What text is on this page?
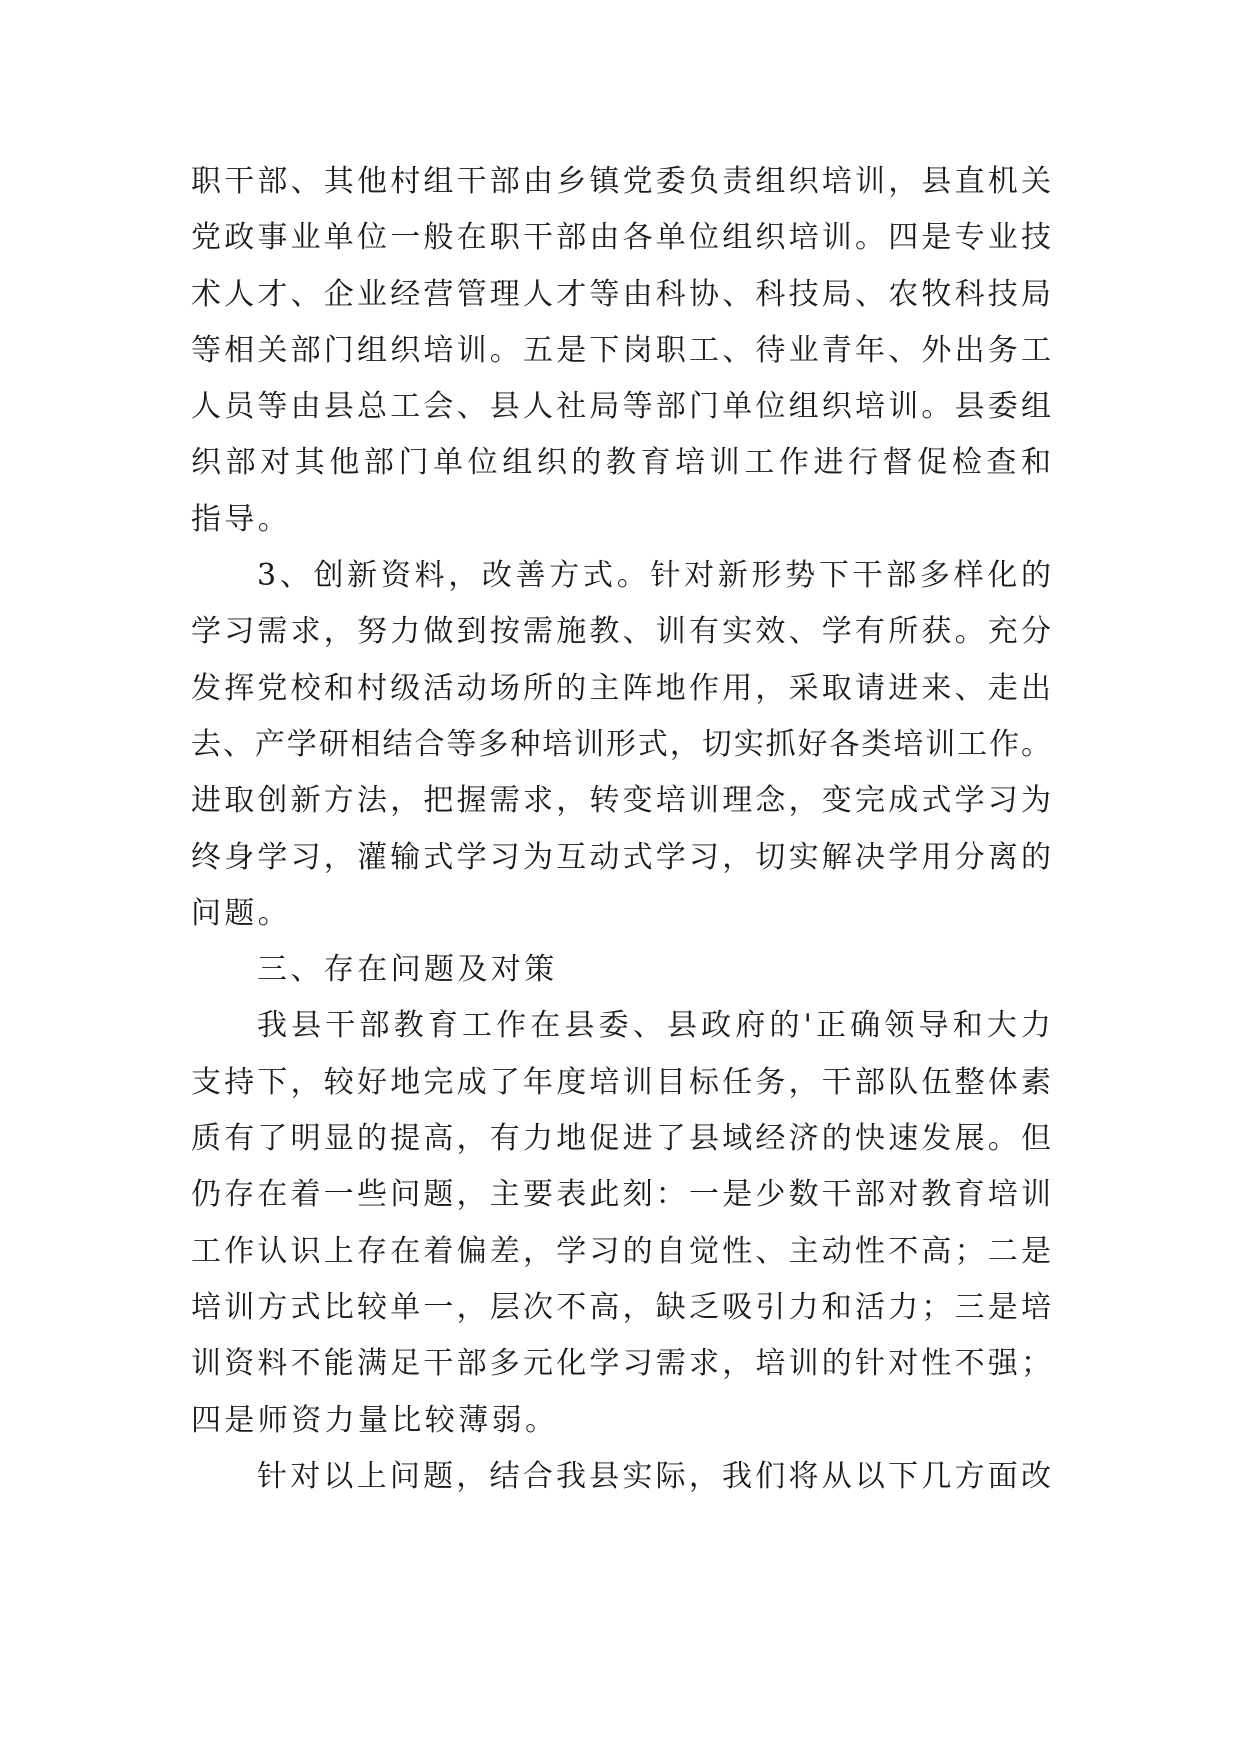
职干部、其他村组干部由乡镇党委负责组织培训，县直机关
党政事业单位一般在职干部由各单位组织培训。四是专业技
术人才、企业经营管理人才等由科协、科技局、农牧科技局
等相关部门组织培训。五是下岗职工、待业青年、外出务工
人员等由县总工会、县人社局等部门单位组织培训。县委组
织部对其他部门单位组织的教育培训工作进行督促检查和
指导。
3、创新资料，改善方式。针对新形势下干部多样化的
学习需求，努力做到按需施教、训有实效、学有所获。充分
发挥党校和村级活动场所的主阵地作用，采取请进来、走出
去、产学研相结合等多种培训形式，切实抓好各类培训工作。
进取创新方法，把握需求，转变培训理念，变完成式学习为
终身学习，灌输式学习为互动式学习，切实解决学用分离的
问题。
三、存在问题及对策
我县干部教育工作在县委、县政府的'正确领导和大力
支持下，较好地完成了年度培训目标任务，干部队伍整体素
质有了明显的提高，有力地促进了县域经济的快速发展。但
仍存在着一些问题，主要表此刻：一是少数干部对教育培训
工作认识上存在着偏差，学习的自觉性、主动性不高；二是
培训方式比较单一，层次不高，缺乏吸引力和活力；三是培
训资料不能满足干部多元化学习需求，培训的针对性不强；
四是师资力量比较薄弱。
针对以上问题，结合我县实际，我们将从以下几方面改
